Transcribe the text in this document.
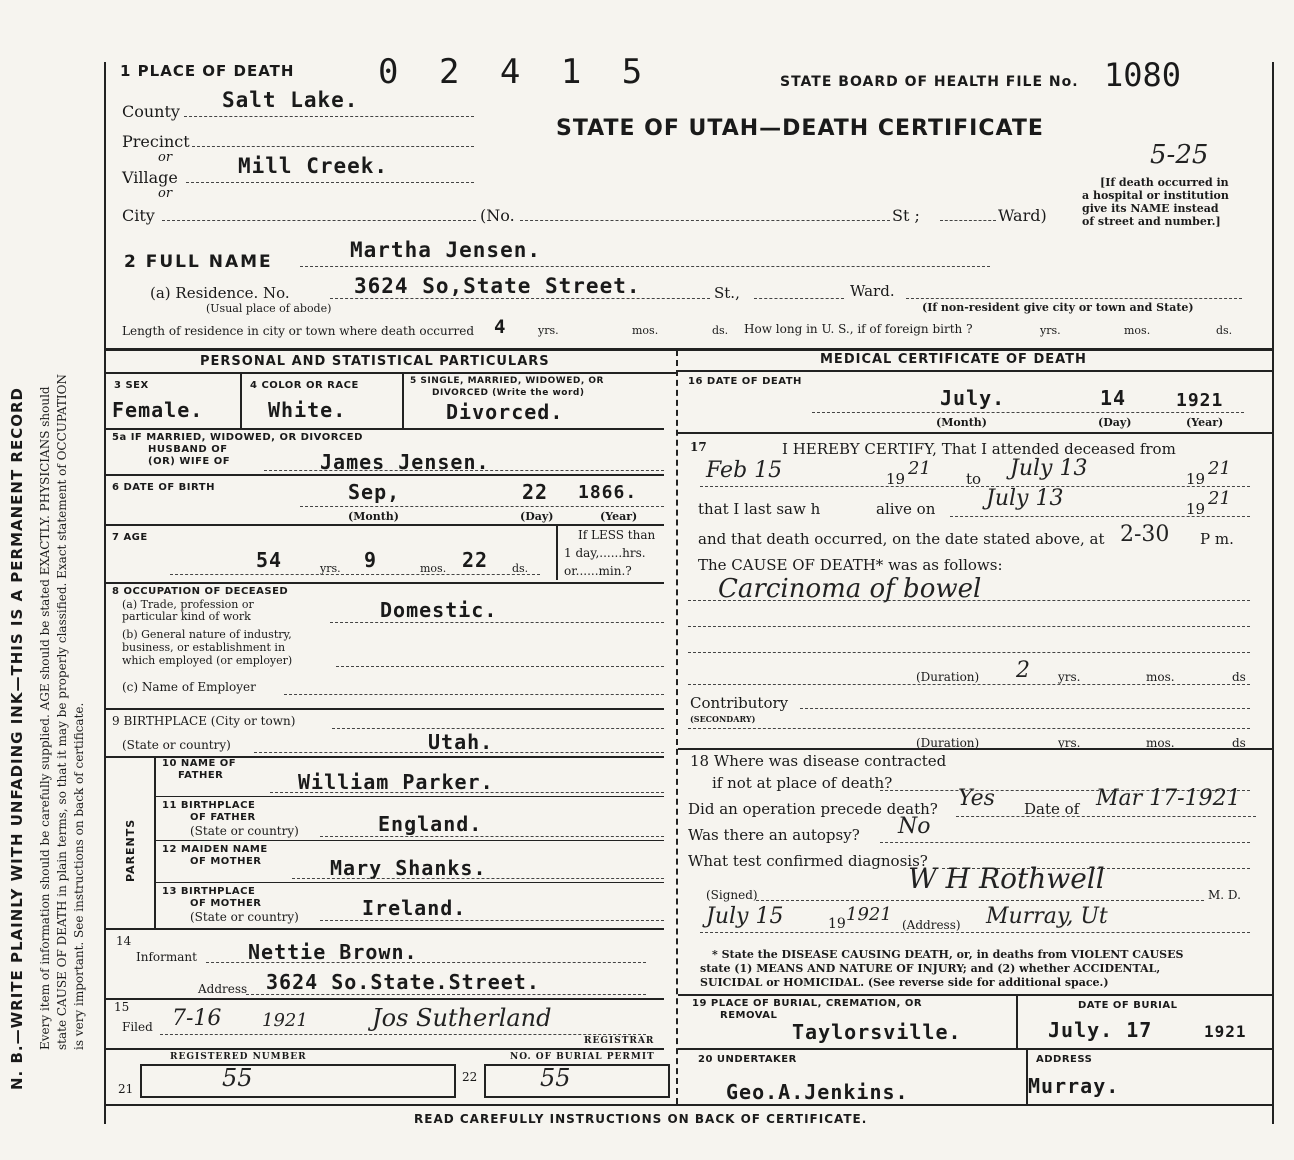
N. B.—WRITE PLAINLY WITH UNFADING INK—THIS IS A PERMANENT RECORD Every item of information should be carefully supplied. AGE should be stated EXACTLY. PHYSICIANS should state CAUSE OF DEATH in plain terms, so that it may be properly classified. Exact statement of OCCUPATION is very important. See instructions on back of certificate.
1 PLACE OF DEATH 0 2 4 1 5	STATE BOARD OF HEALTH FILE No. 1080
STATE OF UTAH—DEATH CERTIFICATE
5-25
[If death occurred in
a hospital or institution
give its NAME instead
of street and number.]
County Salt Lake.
Precinct
or
Village	Mill Creek.
or
City	(No.	St ;	Ward)
2 FULL NAME	Martha Jensen.
(a) Residence. No.	3624 So,State Street.	St.,	Ward.
(Usual place of abode)	(If non-resident give city or town and State)
Length of residence in city or town where death occurred 4	yrs.	mos.	ds. How long in U. S., if of foreign birth ?	yrs.	mos.	ds.
PERSONAL AND STATISTICAL PARTICULARS	MEDICAL CERTIFICATE OF DEATH
3 SEX
Female.
4 COLOR OR RACE
White.
5 SINGLE, MARRIED, WIDOWED, OR
DIVORCED (Write the word)
Divorced.
5a IF MARRIED, WIDOWED, OR DIVORCED
HUSBAND OF
(OR) WIFE OF	James Jensen.
6 DATE OF BIRTH	Sep,	22 1866.
(Month)	(Day)	(Year)
7 AGE
54	yrs. 9	mos. 22 ds.
If LESS than
1 day,......hrs.
or......min.?
8 OCCUPATION OF DECEASED
(a) Trade, profession or
particular kind of work	Domestic.
(b) General nature of industry,
business, or establishment in
which employed (or employer)
(c) Name of Employer
9 BIRTHPLACE (City or town)
(State or country)	Utah.
PARENTS
10 NAME OF
FATHER	William Parker.
11 BIRTHPLACE
OF FATHER
(State or country)	England.
12 MAIDEN NAME
OF MOTHER	Mary Shanks.
13 BIRTHPLACE
OF MOTHER
(State or country)	Ireland.
14
Informant	Nettie Brown.
Address 3624 So.State.Street.
15
Filed 7-16 1921	Jos Sutherland
REGISTRAR
REGISTERED NUMBER	NO. OF BURIAL PERMIT
21	55	22	55
16 DATE OF DEATH
July.	14	1921
(Month)	(Day)	(Year)
17	I HEREBY CERTIFY, That I attended deceased from
Feb 15	19 21 to July 13	19 21
that I last saw h	alive on July 13	19 21
and that death occurred, on the date stated above, at 2-30 P m.
The CAUSE OF DEATH* was as follows:
Carcinoma of bowel
(Duration) 2 yrs.	mos.	ds
Contributory
(SECONDARY)
(Duration)	yrs.	mos.	ds
18 Where was disease contracted
if not at place of death?
Did an operation precede death? Yes Date of Mar 17-1921
Was there an autopsy? No
What test confirmed diagnosis?
(Signed)	W H Rothwell	M. D.
July 15	19 1921 (Address) Murray, Ut
* State the DISEASE CAUSING DEATH, or, in deaths from VIOLENT CAUSES
state (1) MEANS AND NATURE OF INJURY; and (2) whether ACCIDENTAL,
SUICIDAL or HOMICIDAL. (See reverse side for additional space.)
19 PLACE OF BURIAL, CREMATION, OR
REMOVAL
Taylorsville.
DATE OF BURIAL
July. 17	1921
20 UNDERTAKER
Geo.A.Jenkins.
ADDRESS
Murray.
READ CAREFULLY INSTRUCTIONS ON BACK OF CERTIFICATE.
